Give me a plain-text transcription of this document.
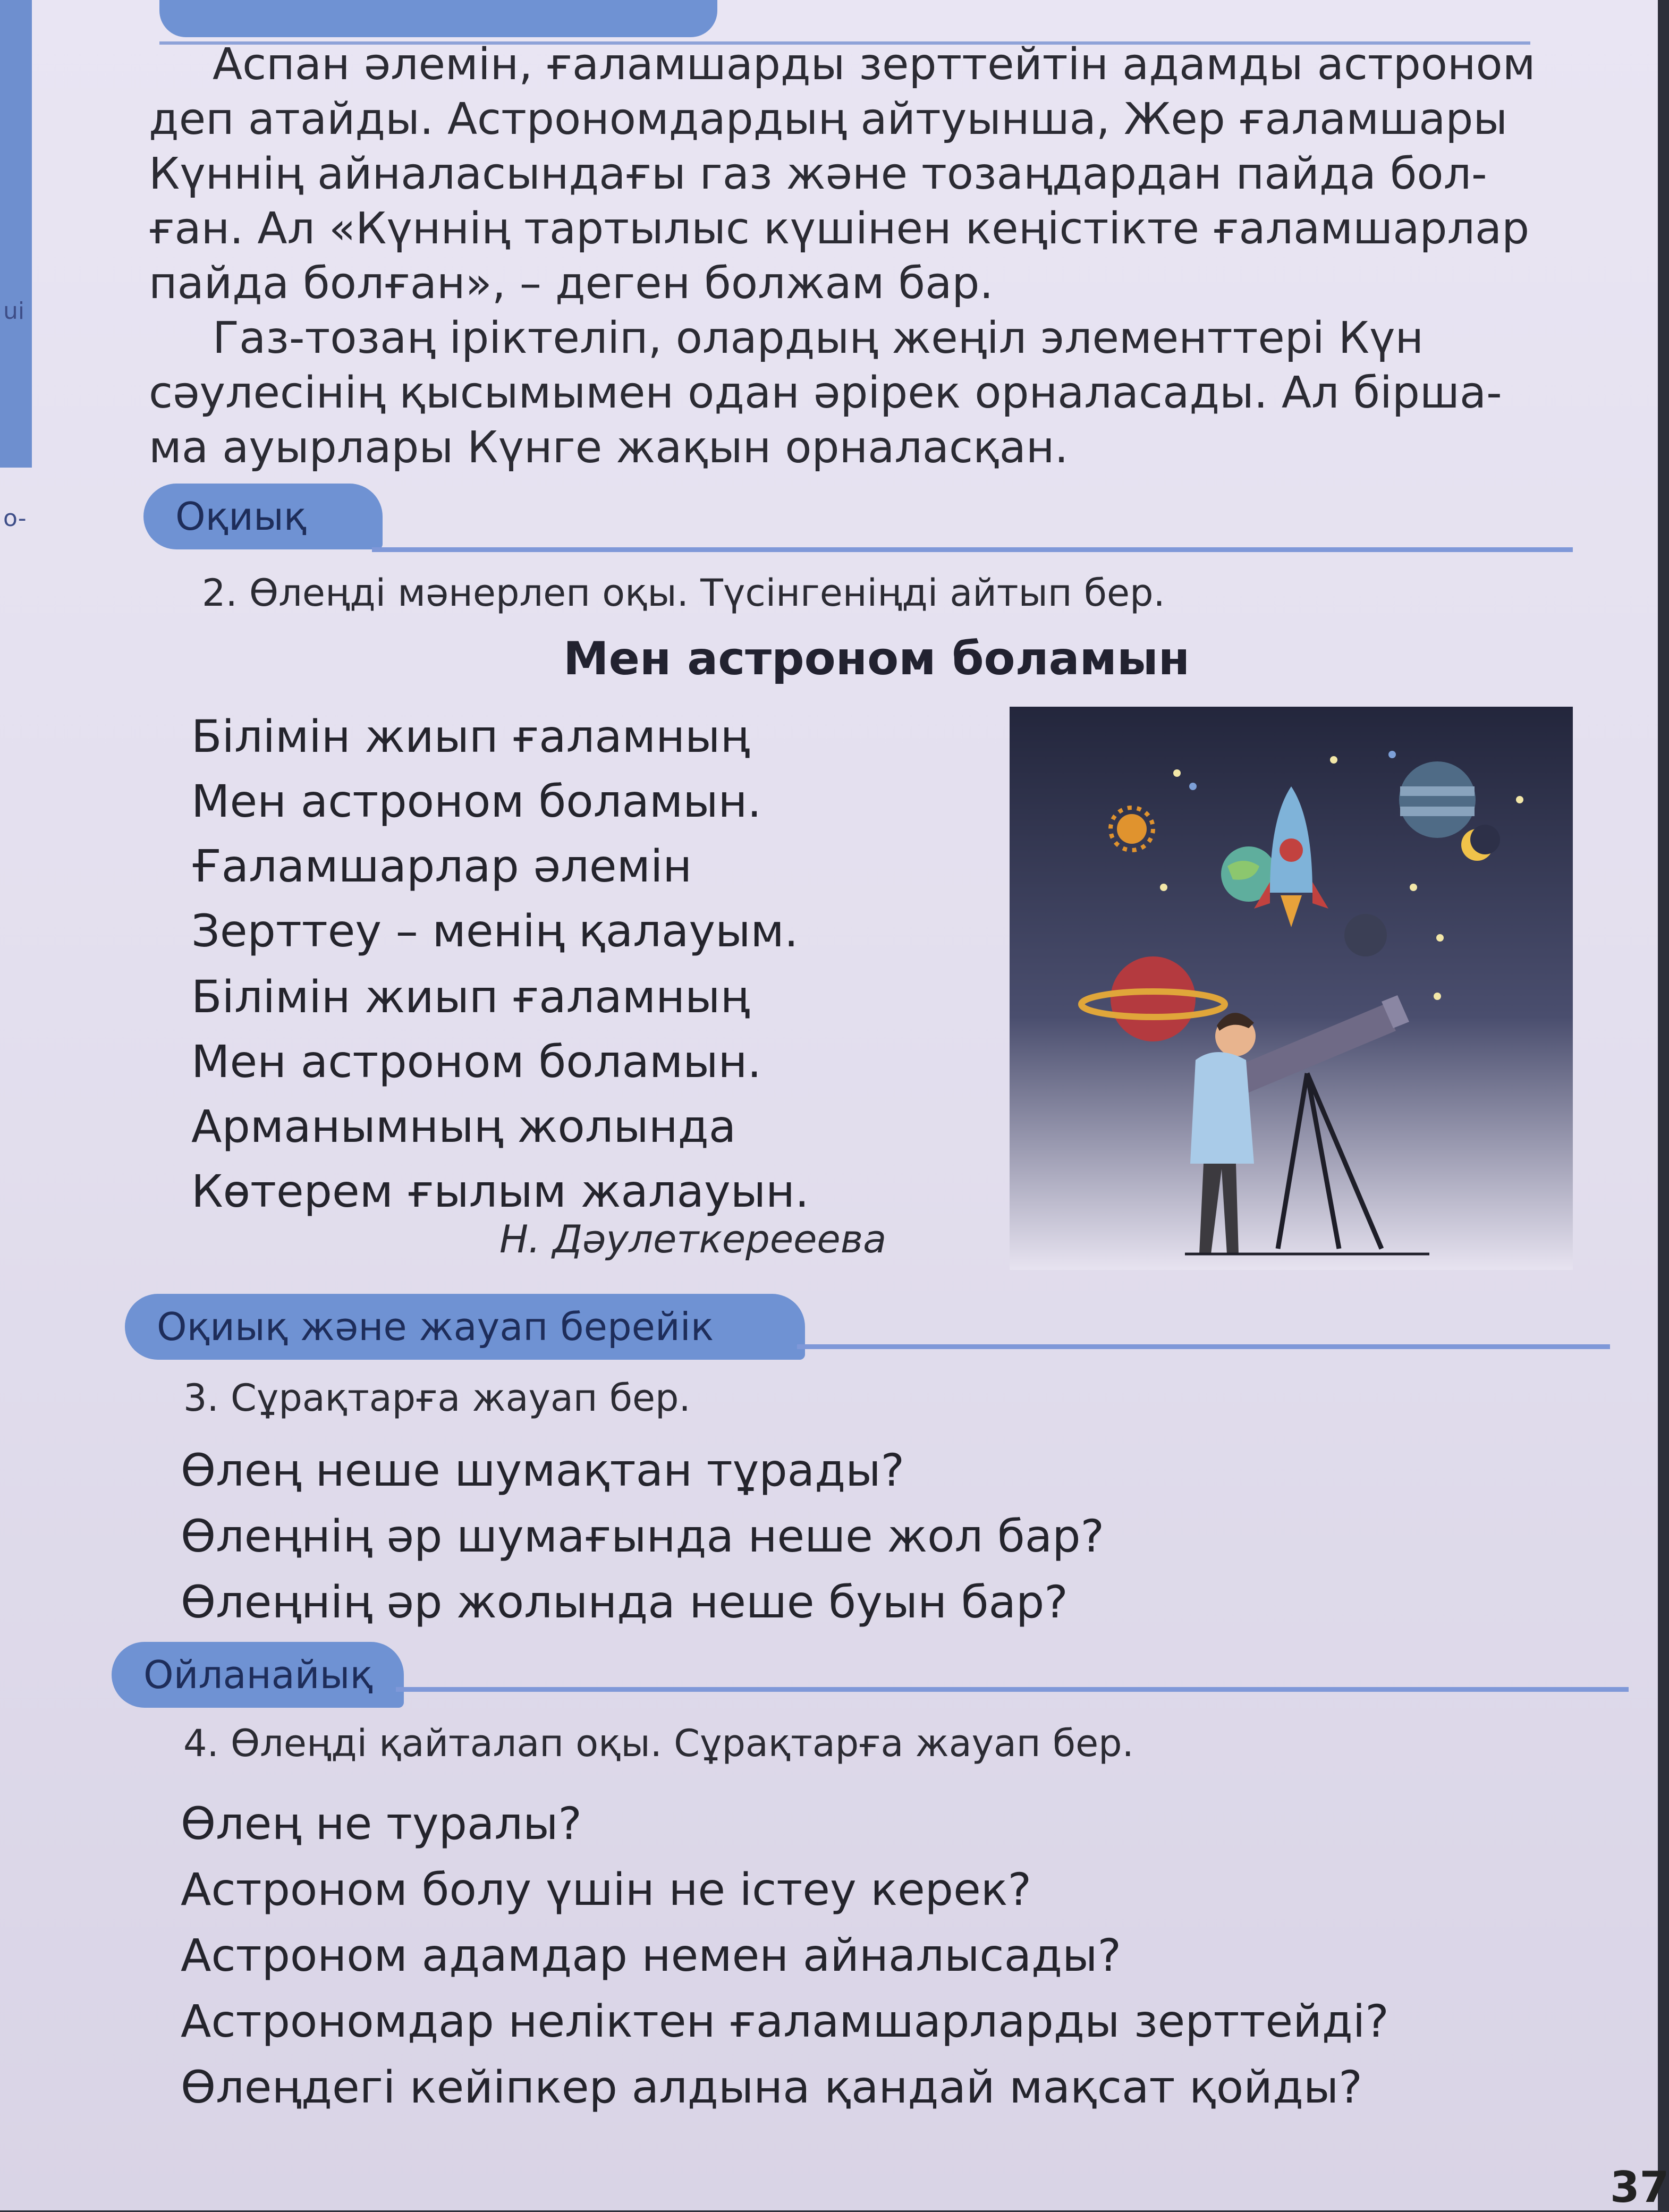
ui
o-
Аспан әлемін, ғаламшарды зерттейтін адамды астроном
деп атайды. Астрономдардың айтуынша, Жер ғаламшары
Күннің айналасындағы газ және тозаңдардан пайда бол-
ған. Ал «Күннің тартылыс күшінен кеңістікте ғаламшарлар
пайда болған», – деген болжам бар.
Газ-тозаң іріктеліп, олардың жеңіл элементтері Күн
сәулесінің қысымымен одан әрірек орналасады. Ал бірша-
ма ауырлары Күнге жақын орналасқан.
Оқиық
2. Өлеңді мәнерлеп оқы. Түсінгеніңді айтып бер.
Мен астроном боламын
Білімін жиып ғаламның
Мен астроном боламын.
Ғаламшарлар әлемін
Зерттеу – менің қалауым.
Білімін жиып ғаламның
Мен астроном боламын.
Арманымның жолында
Көтерем ғылым жалауын.
Н. Дәулеткерееева
Оқиық және жауап берейік
3. Сұрақтарға жауап бер.
Өлең неше шумақтан тұрады?
Өлеңнің әр шумағында неше жол бар?
Өлеңнің әр жолында неше буын бар?
Ойланайық
4. Өлеңді қайталап оқы. Сұрақтарға жауап бер.
Өлең не туралы?
Астроном болу үшін не істеу керек?
Астроном адамдар немен айналысады?
Астрономдар неліктен ғаламшарларды зерттейді?
Өлеңдегі кейіпкер алдына қандай мақсат қойды?
37
